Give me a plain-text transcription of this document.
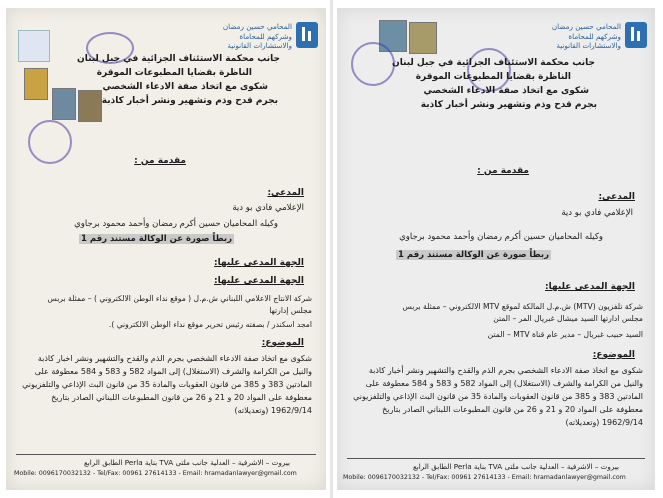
المحامي حسين رمضان
وشركهم للمحاماة
والاستشارات القانونية
جانب محكمة الاستئناف الجزائية في جبل لبنان
الناظرة بقضايا المطبوعات الموقرة
شكوى مع اتخاذ صفة الادعاء الشخصي
بجرم قدح وذم وتشهير ونشر أخبار كاذبة
مقدمة من :
المدعي:
الإعلامي فادي بو دية
وكيله المحاميان حسين أكرم رمضان وأحمد محمود برجاوي
ربطاً صورة عن الوكالة مستند رقم 1
الجهة المدعى عليها:
الجهة المدعى عليها:
شركة الانتاج الاعلامي اللبناني ش.م.ل ( موقع نداء الوطن الالكتروني ) – ممثلة بربس
مجلس إدارتها
امجد اسكندر / بصفته رئيس تحرير موقع نداء الوطن الالكتروني ).
الموضوع:
شكوى مع اتخاذ صفة الادعاء الشخصي بجرم الذم والقدح والتشهير ونشر اخبار كاذبة والنيل من الكرامة والشرف (الاستغلال) إلى المواد 582 و 583 و 584 معطوفة على المادتين 383 و 385 من قانون العقوبات والمادة 35 من قانون البث الإذاعي والتلفزيوني معطوفة على المواد 20 و 21 و 26 من قانون المطبوعات اللبناني الصادر بتاريخ 1962/9/14 (وتعديلاته)
بيروت – الاشرفية – العدلية جانب ملتى TVA بناية Perla الطابق الرابع
Mobile: 0096170032132 - Tel/Fax: 00961 27614133 - Email: hramadanlawyer@gmail.com
المحامي حسين رمضان
وشركهم للمحاماة
والاستشارات القانونية
جانب محكمة الاستئناف الجزائية في جبل لبنان
الناظرة بقضايا المطبوعات الموقرة
شكوى مع اتخاذ صفة الادعاء الشخصي
بجرم قدح وذم وتشهير ونشر أخبار كاذبة
مقدمة من :
المدعي:
الإعلامي فادي بو دية
وكيله المحاميان حسين أكرم رمضان وأحمد محمود برجاوي
ربطاً صورة عن الوكالة مستند رقم 1
الجهة المدعى عليها:
شركة تلفزيون (MTV) ش.م.ل المالكة لموقع MTV الالكتروني – ممثلة بربس
مجلس ادارتها السيد ميشال غبريال المر – المتن
السيد حبيب غبريال – مدير عام قناة MTV – المتن
الموضوع:
شكوى مع اتخاذ صفة الادعاء الشخصي بجرم الذم والقدح والتشهير ونشر أخبار كاذبة والنيل من الكرامة والشرف (الاستغلال) إلى المواد 582 و 583 و 584 معطوفة على المادتين 383 و 385 من قانون العقوبات والمادة 35 من قانون البث الإذاعي والتلفزيوني معطوفة على المواد 20 و 21 و 26 من قانون المطبوعات اللبناني الصادر بتاريخ 1962/9/14 (وتعديلاته)
بيروت – الاشرفية – العدلية جانب ملتى TVA بناية Perla الطابق الرابع
Mobile: 0096170032132 - Tel/Fax: 00961 27614133 - Email: hramadanlawyer@gmail.com
